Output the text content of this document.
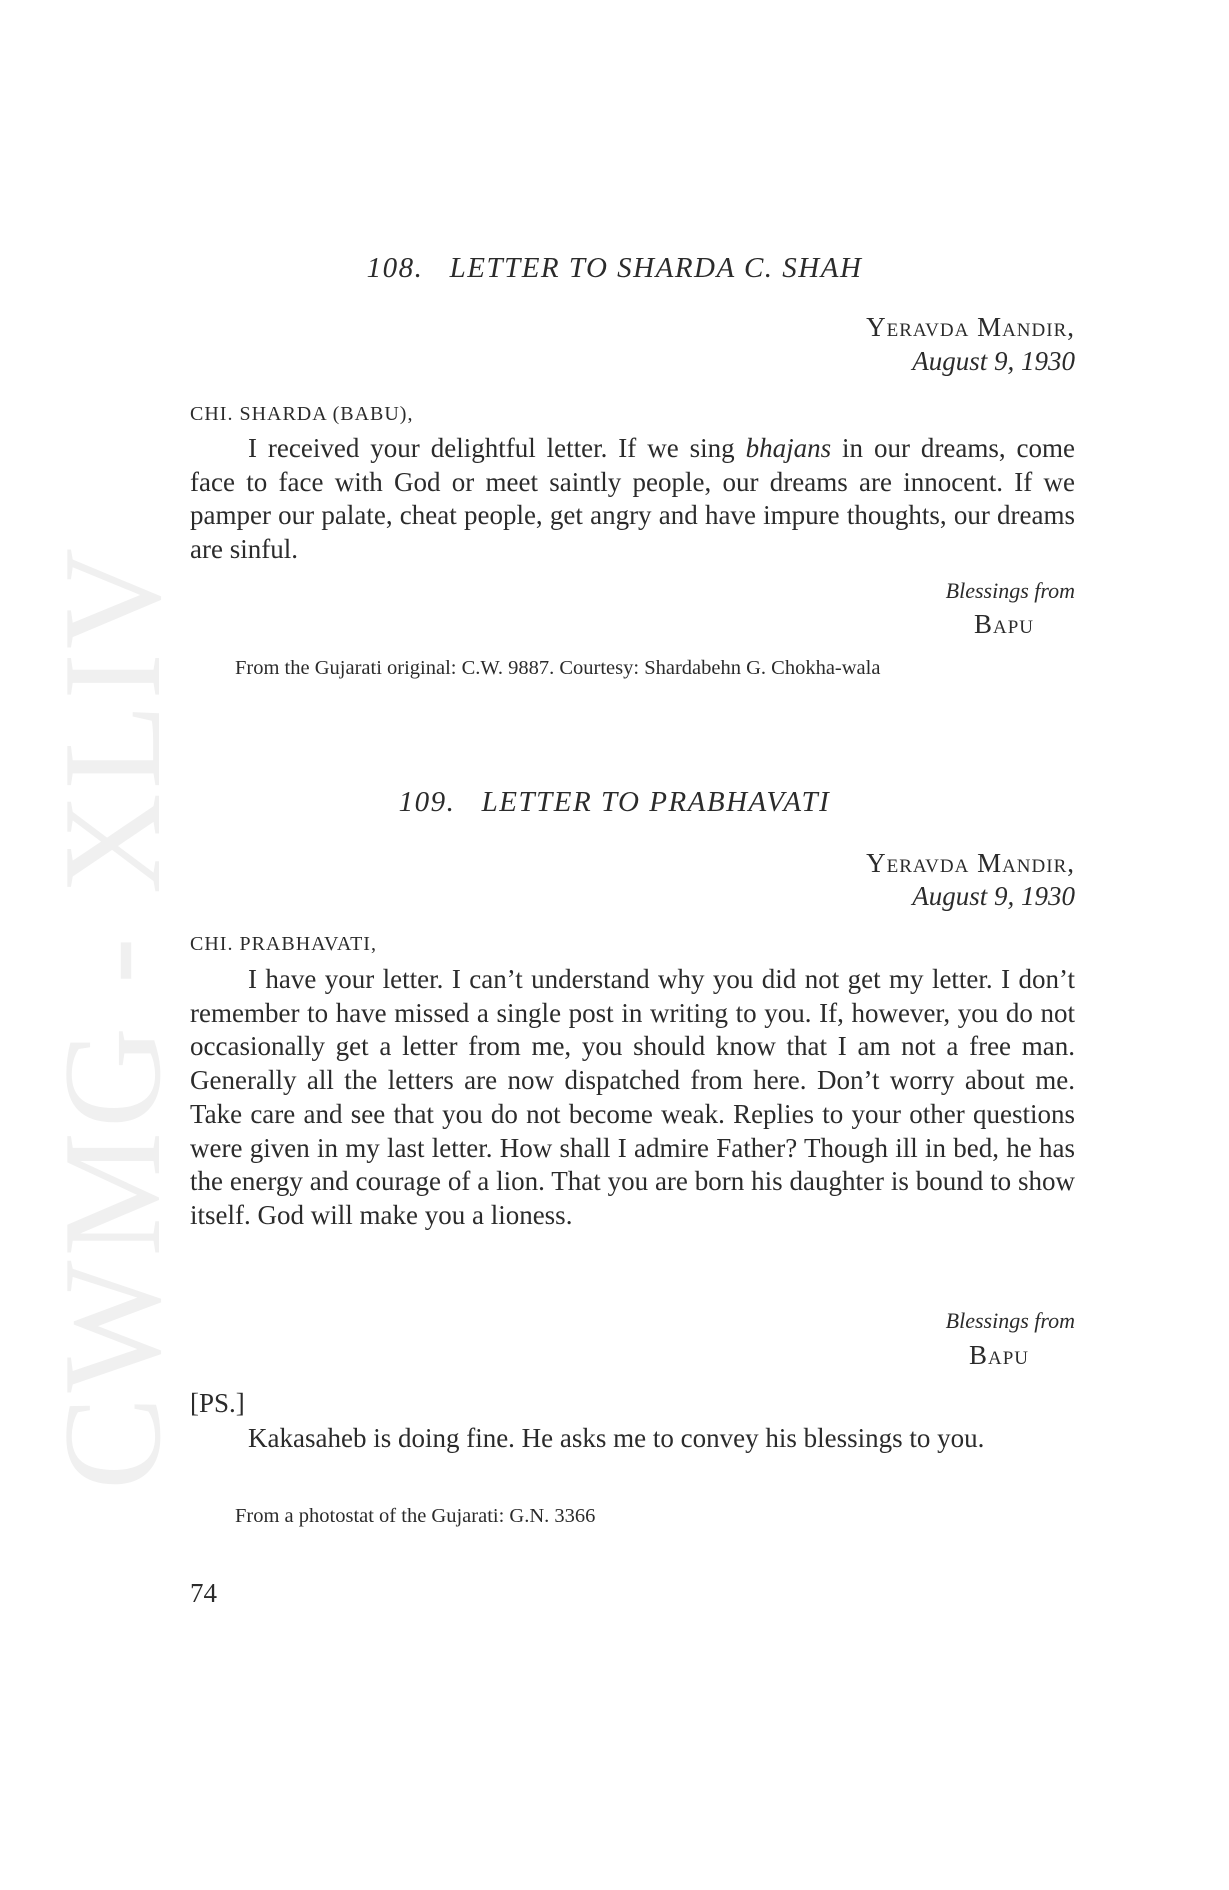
CWMG - XLIV
108. LETTER TO SHARDA C. SHAH
Yeravda Mandir,
August 9, 1930
CHI. SHARDA (BABU),
I received your delightful letter. If we sing bhajans in our dreams, come face to face with God or meet saintly people, our dreams are innocent. If we pamper our palate, cheat people, get angry and have impure thoughts, our dreams are sinful.
Blessings from
Bapu
From the Gujarati original: C.W. 9887. Courtesy: Shardabehn G. Chokha-wala
109. LETTER TO PRABHAVATI
Yeravda Mandir,
August 9, 1930
CHI. PRABHAVATI,
I have your letter. I can’t understand why you did not get my letter. I don’t remember to have missed a single post in writing to you. If, however, you do not occasionally get a letter from me, you should know that I am not a free man. Generally all the letters are now dispatched from here. Don’t worry about me. Take care and see that you do not become weak. Replies to your other questions were given in my last letter. How shall I admire Father? Though ill in bed, he has the energy and courage of a lion. That you are born his daughter is bound to show itself. God will make you a lioness.
Blessings from
Bapu
[PS.]
Kakasaheb is doing fine. He asks me to convey his blessings to you.
From a photostat of the Gujarati: G.N. 3366
74
